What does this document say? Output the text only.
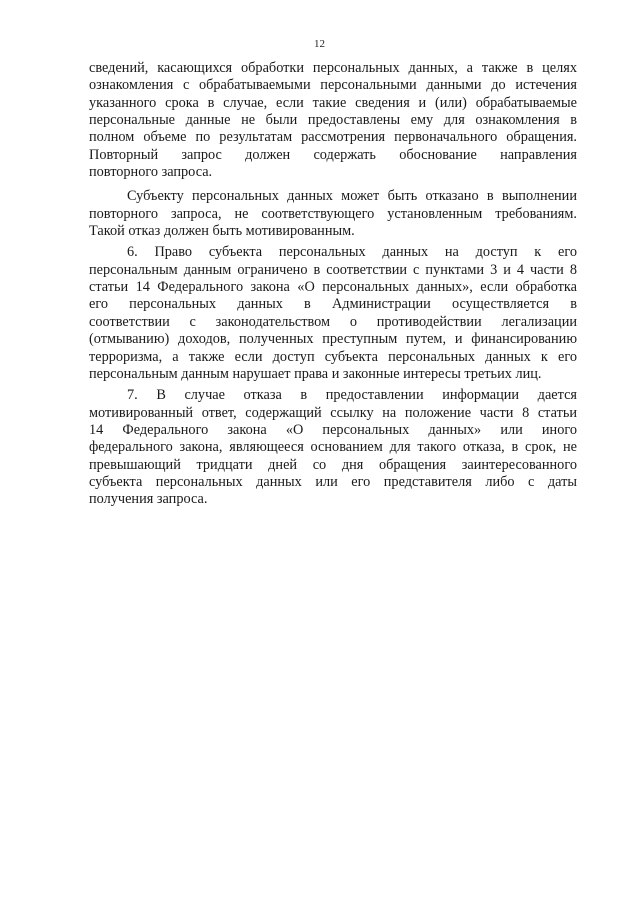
12
сведений, касающихся обработки персональных данных, а также в целях
ознакомления с обрабатываемыми персональными данными до истечения
указанного срока в случае, если такие сведения и (или) обрабатываемые
персональные данные не были предоставлены ему для ознакомления в
полном объеме по результатам рассмотрения первоначального обращения.
Повторный запрос должен содержать обоснование направления
повторного запроса.
Субъекту персональных данных может быть отказано в выполнении
повторного запроса, не соответствующего установленным требованиям.
Такой отказ должен быть мотивированным.
6. Право субъекта персональных данных на доступ к его
персональным данным ограничено в соответствии с пунктами 3 и 4 части 8
статьи 14 Федерального закона «О персональных данных», если обработка
его персональных данных в Администрации осуществляется в
соответствии с законодательством о противодействии легализации
(отмыванию) доходов, полученных преступным путем, и финансированию
терроризма, а также если доступ субъекта персональных данных к его
персональным данным нарушает права и законные интересы третьих лиц.
7. В случае отказа в предоставлении информации дается
мотивированный ответ, содержащий ссылку на положение части 8 статьи
14 Федерального закона «О персональных данных» или иного
федерального закона, являющееся основанием для такого отказа, в срок, не
превышающий тридцати дней со дня обращения заинтересованного
субъекта персональных данных или его представителя либо с даты
получения запроса.
